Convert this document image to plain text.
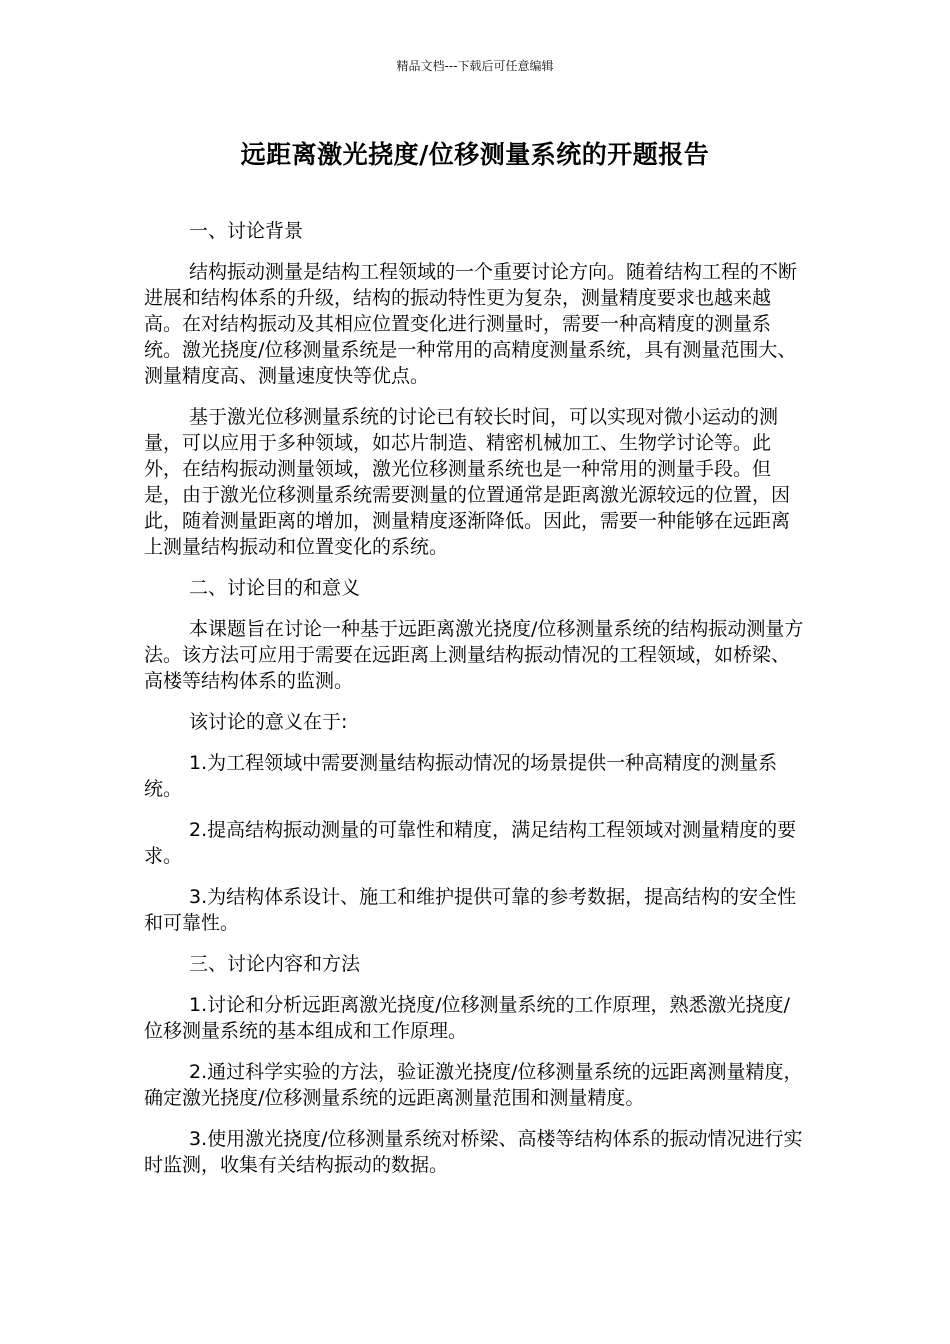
精品文档---下载后可任意编辑
远距离激光挠度/位移测量系统的开题报告

一、讨论背景

结构振动测量是结构工程领域的一个重要讨论方向。随着结构工程的不断进展和结构体系的升级，结构的振动特性更为复杂，测量精度要求也越来越高。在对结构振动及其相应位置变化进行测量时，需要一种高精度的测量系统。激光挠度/位移测量系统是一种常用的高精度测量系统，具有测量范围大、测量精度高、测量速度快等优点。

基于激光位移测量系统的讨论已有较长时间，可以实现对微小运动的测量，可以应用于多种领域，如芯片制造、精密机械加工、生物学讨论等。此外，在结构振动测量领域，激光位移测量系统也是一种常用的测量手段。但是，由于激光位移测量系统需要测量的位置通常是距离激光源较远的位置，因此，随着测量距离的增加，测量精度逐渐降低。因此，需要一种能够在远距离上测量结构振动和位置变化的系统。

二、讨论目的和意义

本课题旨在讨论一种基于远距离激光挠度/位移测量系统的结构振动测量方法。该方法可应用于需要在远距离上测量结构振动情况的工程领域，如桥梁、高楼等结构体系的监测。

该讨论的意义在于:

1.为工程领域中需要测量结构振动情况的场景提供一种高精度的测量系统。

2.提高结构振动测量的可靠性和精度，满足结构工程领域对测量精度的要求。

3.为结构体系设计、施工和维护提供可靠的参考数据，提高结构的安全性和可靠性。

三、讨论内容和方法

1.讨论和分析远距离激光挠度/位移测量系统的工作原理，熟悉激光挠度/位移测量系统的基本组成和工作原理。

2.通过科学实验的方法，验证激光挠度/位移测量系统的远距离测量精度，确定激光挠度/位移测量系统的远距离测量范围和测量精度。

3.使用激光挠度/位移测量系统对桥梁、高楼等结构体系的振动情况进行实时监测，收集有关结构振动的数据。
